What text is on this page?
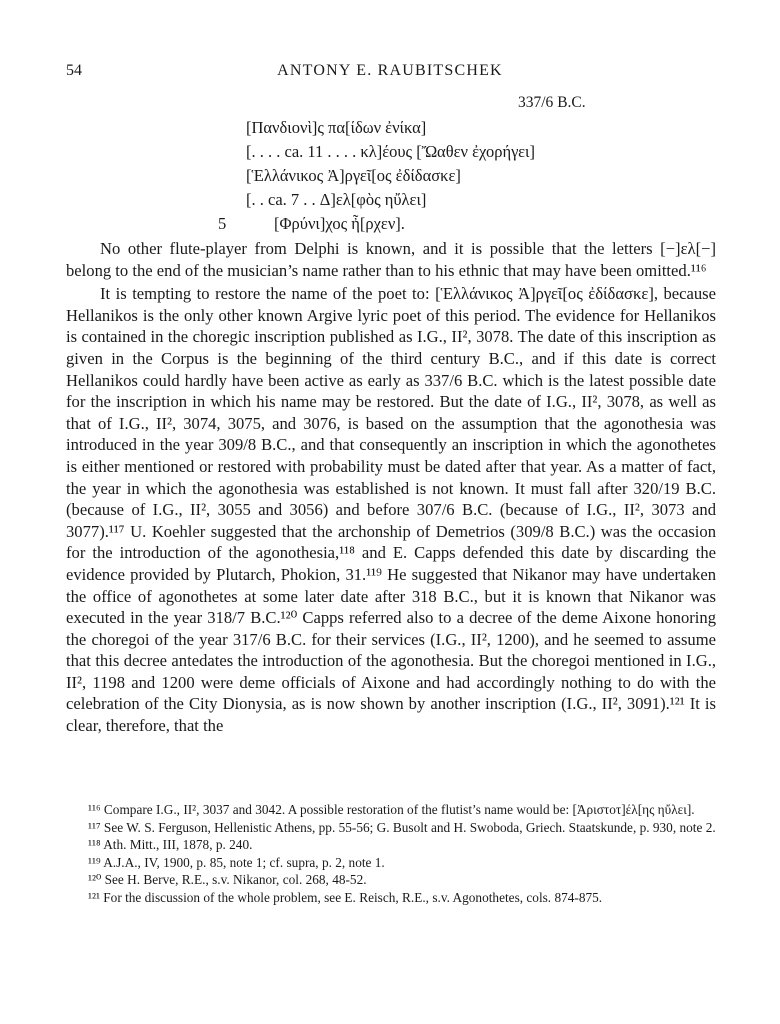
54	ANTONY E. RAUBITSCHEK
337/6 B.C.
[Πανδιονὶ]ς πα[ίδων ἐνίκα]
[. . . . ca. 11 . . . . κλ]έους [Ὤαθεν ἐχορήγει]
[Ἑλλάνικος Ἀ]ργεῖ[ος ἐδίδασκε]
[. . ca. 7 . . Δ]ελ[φὸς ηὔλει]
5	[Φρύνι]χος ἦ[ρχεν].

No other flute-player from Delphi is known, and it is possible that the letters [−]ελ[−] belong to the end of the musician’s name rather than to his ethnic that may have been omitted.¹¹⁶

It is tempting to restore the name of the poet to: [Ἑλλάνικος Ἀ]ργεῖ[ος ἐδίδασκε], because Hellanikos is the only other known Argive lyric poet of this period. The evidence for Hellanikos is contained in the choregic inscription published as I.G., II², 3078. The date of this inscription as given in the Corpus is the beginning of the third century B.C., and if this date is correct Hellanikos could hardly have been active as early as 337/6 B.C. which is the latest possible date for the inscription in which his name may be restored. But the date of I.G., II², 3078, as well as that of I.G., II², 3074, 3075, and 3076, is based on the assumption that the agonothesia was introduced in the year 309/8 B.C., and that consequently an inscription in which the agonothetes is either mentioned or restored with probability must be dated after that year. As a matter of fact, the year in which the agonothesia was established is not known. It must fall after 320/19 B.C. (because of I.G., II², 3055 and 3056) and before 307/6 B.C. (because of I.G., II², 3073 and 3077).¹¹⁷ U. Koehler suggested that the archonship of Demetrios (309/8 B.C.) was the occasion for the introduction of the agonothesia,¹¹⁸ and E. Capps defended this date by discarding the evidence provided by Plutarch, Phokion, 31.¹¹⁹ He suggested that Nikanor may have undertaken the office of agonothetes at some later date after 318 B.C., but it is known that Nikanor was executed in the year 318/7 B.C.¹²⁰ Capps referred also to a decree of the deme Aixone honoring the choregoi of the year 317/6 B.C. for their services (I.G., II², 1200), and he seemed to assume that this decree antedates the introduction of the agonothesia. But the choregoi mentioned in I.G., II², 1198 and 1200 were deme officials of Aixone and had accordingly nothing to do with the celebration of the City Dionysia, as is now shown by another inscription (I.G., II², 3091).¹²¹ It is clear, therefore, that the

¹¹⁶ Compare I.G., II², 3037 and 3042. A possible restoration of the flutist’s name would be: [Ἀριστοτ]έλ[ης ηὔλει].

¹¹⁷ See W. S. Ferguson, Hellenistic Athens, pp. 55-56; G. Busolt and H. Swoboda, Griech. Staatskunde, p. 930, note 2.

¹¹⁸ Ath. Mitt., III, 1878, p. 240.

¹¹⁹ A.J.A., IV, 1900, p. 85, note 1; cf. supra, p. 2, note 1.

¹²⁰ See H. Berve, R.E., s.v. Nikanor, col. 268, 48-52.

¹²¹ For the discussion of the whole problem, see E. Reisch, R.E., s.v. Agonothetes, cols. 874-875.
